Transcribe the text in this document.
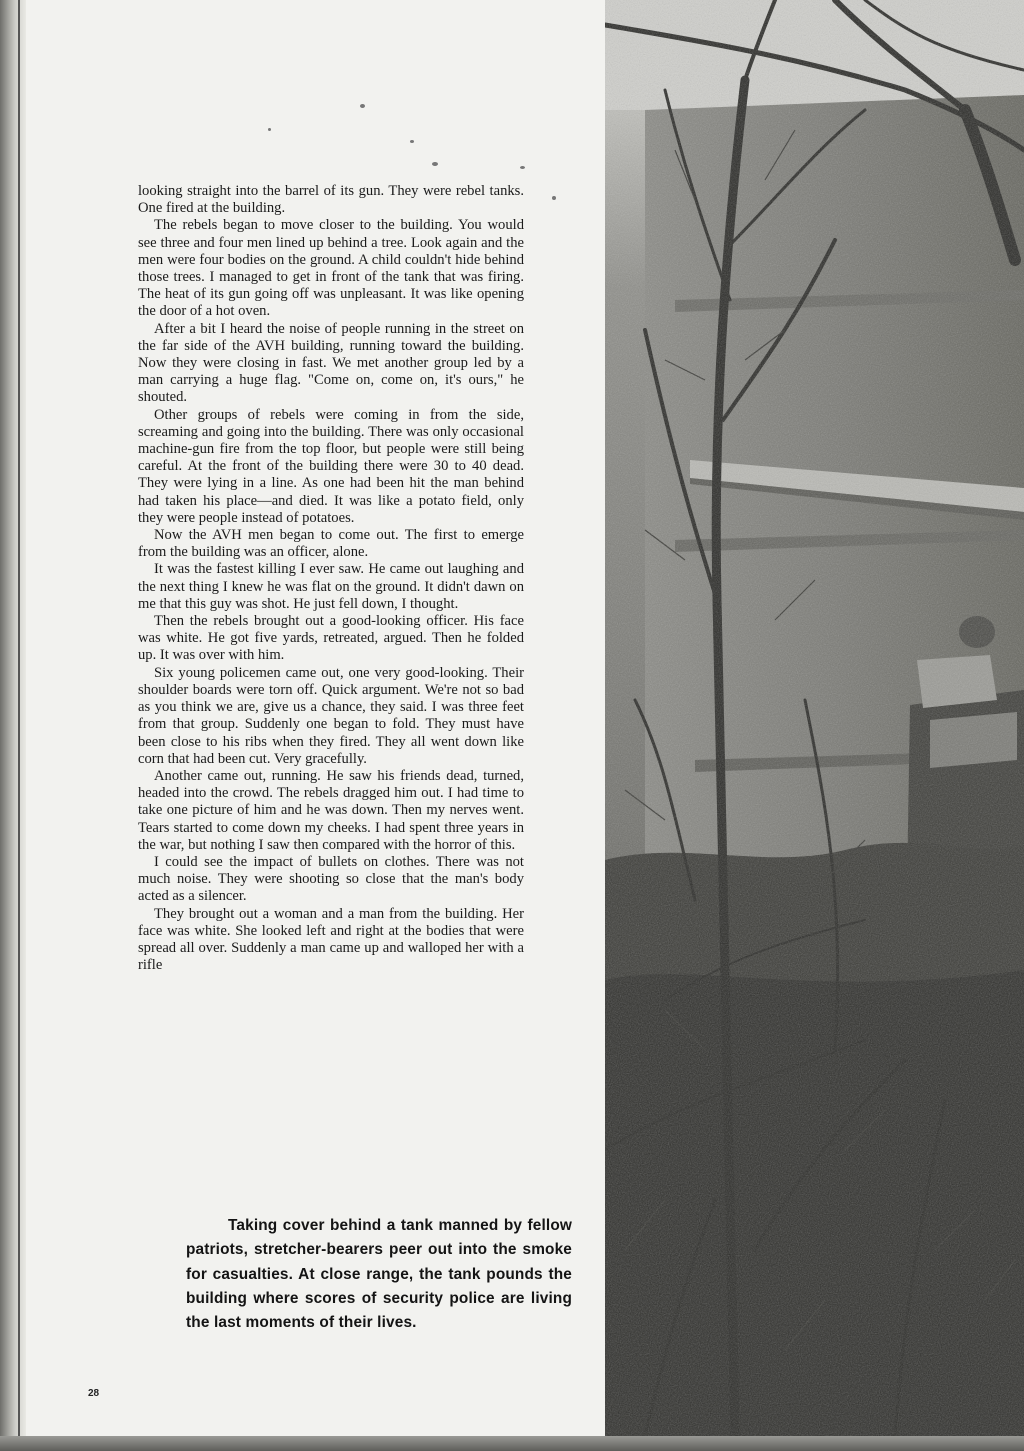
looking straight into the barrel of its gun. They were rebel tanks. One fired at the building.

The rebels began to move closer to the building. You would see three and four men lined up behind a tree. Look again and the men were four bodies on the ground. A child couldn't hide behind those trees. I managed to get in front of the tank that was firing. The heat of its gun going off was unpleasant. It was like opening the door of a hot oven.

After a bit I heard the noise of people running in the street on the far side of the AVH building, running toward the building. Now they were closing in fast. We met another group led by a man carrying a huge flag. "Come on, come on, it's ours," he shouted.

Other groups of rebels were coming in from the side, screaming and going into the building. There was only occasional machine-gun fire from the top floor, but people were still being careful. At the front of the building there were 30 to 40 dead. They were lying in a line. As one had been hit the man behind had taken his place—and died. It was like a potato field, only they were people instead of potatoes.

Now the AVH men began to come out. The first to emerge from the building was an officer, alone.

It was the fastest killing I ever saw. He came out laughing and the next thing I knew he was flat on the ground. It didn't dawn on me that this guy was shot. He just fell down, I thought.

Then the rebels brought out a good-looking officer. His face was white. He got five yards, retreated, argued. Then he folded up. It was over with him.

Six young policemen came out, one very good-looking. Their shoulder boards were torn off. Quick argument. We're not so bad as you think we are, give us a chance, they said. I was three feet from that group. Suddenly one began to fold. They must have been close to his ribs when they fired. They all went down like corn that had been cut. Very gracefully.

Another came out, running. He saw his friends dead, turned, headed into the crowd. The rebels dragged him out. I had time to take one picture of him and he was down. Then my nerves went. Tears started to come down my cheeks. I had spent three years in the war, but nothing I saw then compared with the horror of this.

I could see the impact of bullets on clothes. There was not much noise. They were shooting so close that the man's body acted as a silencer.

They brought out a woman and a man from the building. Her face was white. She looked left and right at the bodies that were spread all over. Suddenly a man came up and walloped her with a rifle

Taking cover behind a tank manned by fellow patriots, stretcher-bearers peer out into the smoke for casualties. At close range, the tank pounds the building where scores of security police are living the last moments of their lives.
28
